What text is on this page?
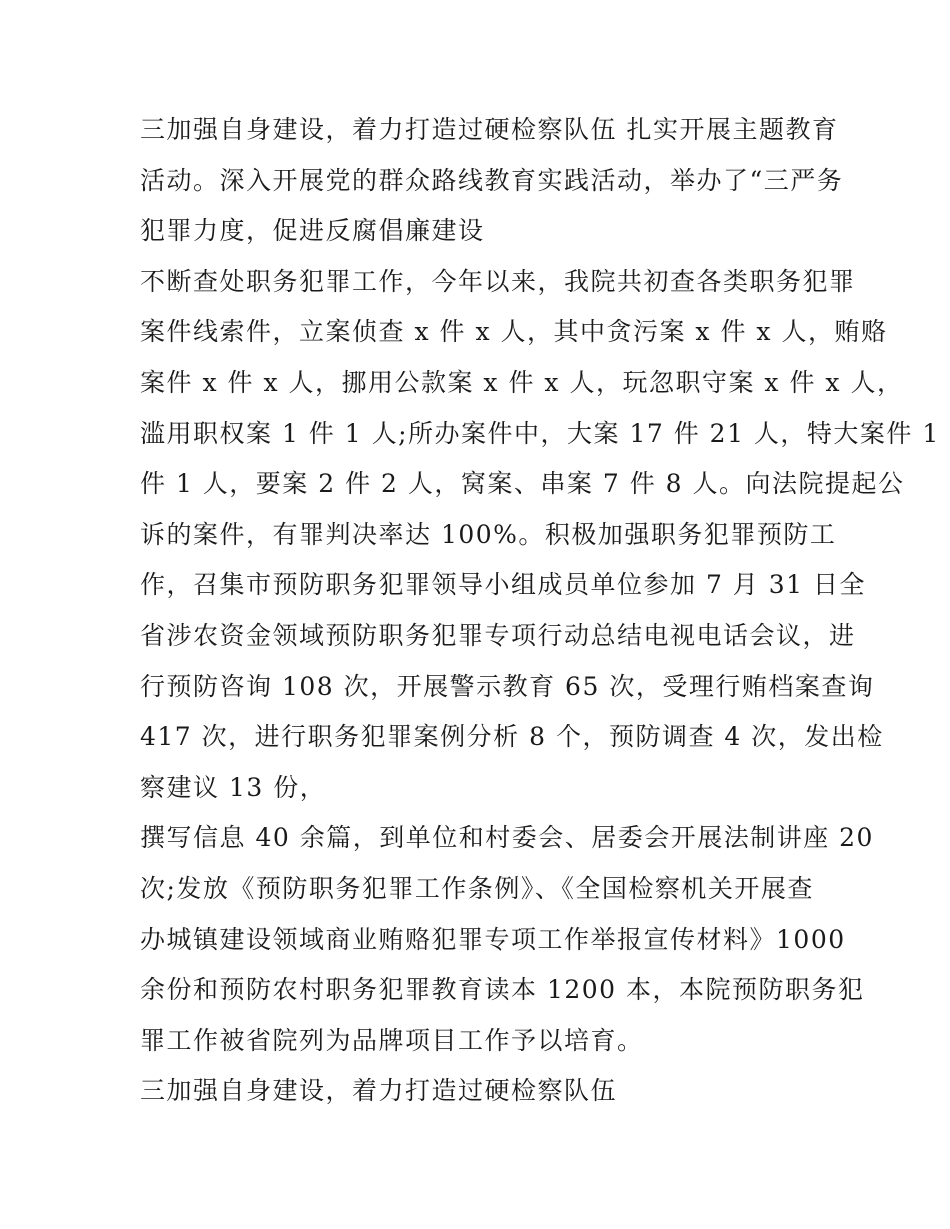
三加强自身建设，着力打造过硬检察队伍 扎实开展主题教育
活动。深入开展党的群众路线教育实践活动，举办了“三严务
犯罪力度，促进反腐倡廉建设
不断查处职务犯罪工作，今年以来，我院共初查各类职务犯罪
案件线索件，立案侦查 x 件 x 人，其中贪污案 x 件 x 人，贿赂
案件 x 件 x 人，挪用公款案 x 件 x 人，玩忽职守案 x 件 x 人，
滥用职权案 1 件 1 人;所办案件中，大案 17 件 21 人，特大案件 1
件 1 人，要案 2 件 2 人，窝案、串案 7 件 8 人。向法院提起公
诉的案件，有罪判决率达 100%。积极加强职务犯罪预防工
作，召集市预防职务犯罪领导小组成员单位参加 7 月 31 日全
省涉农资金领域预防职务犯罪专项行动总结电视电话会议，进
行预防咨询 108 次，开展警示教育 65 次，受理行贿档案查询
417 次，进行职务犯罪案例分析 8 个，预防调查 4 次，发出检
察建议 13 份，
撰写信息 40 余篇，到单位和村委会、居委会开展法制讲座 20
次;发放《预防职务犯罪工作条例》、《全国检察机关开展查
办城镇建设领域商业贿赂犯罪专项工作举报宣传材料》1000
余份和预防农村职务犯罪教育读本 1200 本，本院预防职务犯
罪工作被省院列为品牌项目工作予以培育。
三加强自身建设，着力打造过硬检察队伍
